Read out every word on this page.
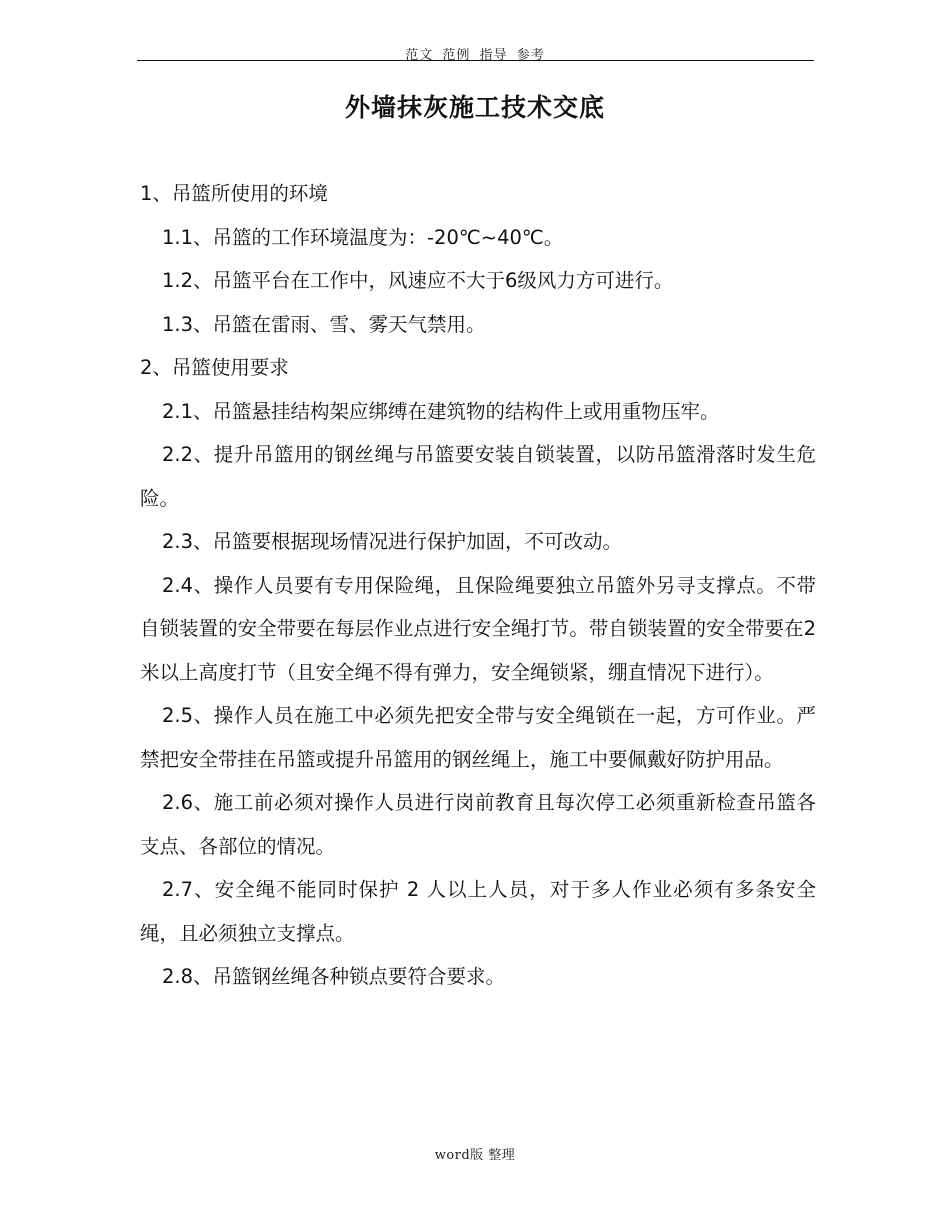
范文 范例 指导 参考
外墙抹灰施工技术交底

1、吊篮所使用的环境

1.1、吊篮的工作环境温度为：-20℃~40℃。

1.2、吊篮平台在工作中，风速应不大于6级风力方可进行。

1.3、吊篮在雷雨、雪、雾天气禁用。

2、吊篮使用要求

2.1、吊篮悬挂结构架应绑缚在建筑物的结构件上或用重物压牢。

2.2、提升吊篮用的钢丝绳与吊篮要安装自锁装置，以防吊篮滑落时发生危险。

2.3、吊篮要根据现场情况进行保护加固，不可改动。

2.4、操作人员要有专用保险绳，且保险绳要独立吊篮外另寻支撑点。不带自锁装置的安全带要在每层作业点进行安全绳打节。带自锁装置的安全带要在2米以上高度打节（且安全绳不得有弹力，安全绳锁紧，绷直情况下进行）。

2.5、操作人员在施工中必须先把安全带与安全绳锁在一起，方可作业。严禁把安全带挂在吊篮或提升吊篮用的钢丝绳上，施工中要佩戴好防护用品。

2.6、施工前必须对操作人员进行岗前教育且每次停工必须重新检查吊篮各支点、各部位的情况。

2.7、安全绳不能同时保护 2 人以上人员，对于多人作业必须有多条安全绳，且必须独立支撑点。

2.8、吊篮钢丝绳各种锁点要符合要求。

word版 整理
